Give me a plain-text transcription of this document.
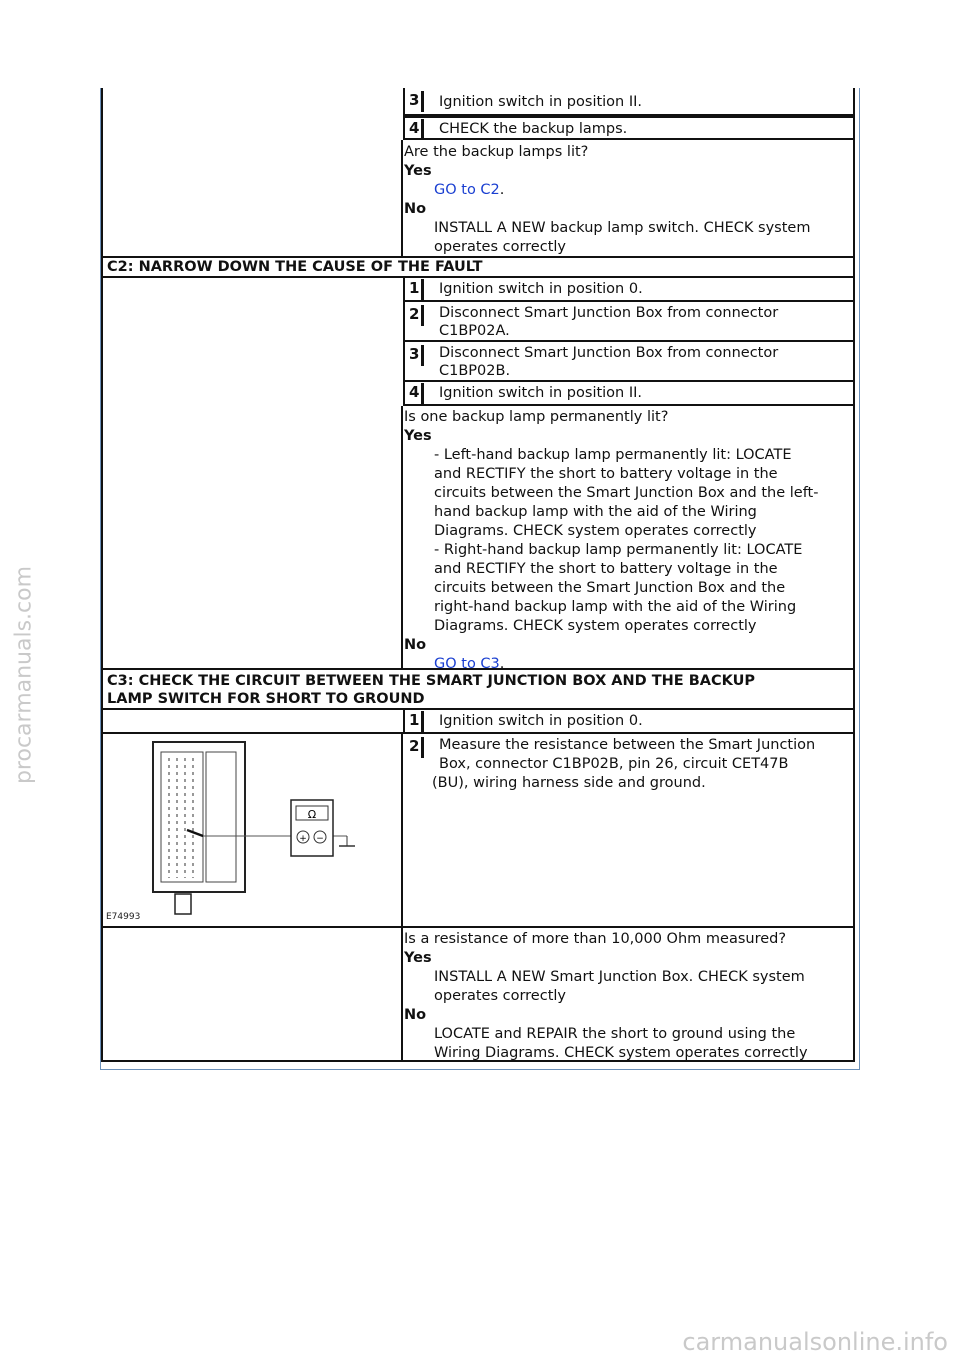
procarmanuals.com
carmanualsonline.info
3	Ignition switch in position II.
4	CHECK the backup lamps.
Are the backup lamps lit?
Yes
GO to C2.
No
INSTALL A NEW backup lamp switch. CHECK system
operates correctly
C2: NARROW DOWN THE CAUSE OF THE FAULT
1	Ignition switch in position 0.
2	Disconnect Smart Junction Box from connector
C1BP02A.
3	Disconnect Smart Junction Box from connector
C1BP02B.
4	Ignition switch in position II.
Is one backup lamp permanently lit?
Yes
- Left-hand backup lamp permanently lit: LOCATE
and RECTIFY the short to battery voltage in the
circuits between the Smart Junction Box and the left-
hand backup lamp with the aid of the Wiring
Diagrams. CHECK system operates correctly
- Right-hand backup lamp permanently lit: LOCATE
and RECTIFY the short to battery voltage in the
circuits between the Smart Junction Box and the
right-hand backup lamp with the aid of the Wiring
Diagrams. CHECK system operates correctly
No
GO to C3.
C3: CHECK THE CIRCUIT BETWEEN THE SMART JUNCTION BOX AND THE BACKUP
LAMP SWITCH FOR SHORT TO GROUND
1	Ignition switch in position 0.
Ω
+ −
E74993
2	Measure the resistance between the Smart Junction
Box, connector C1BP02B, pin 26, circuit CET47B
(BU), wiring harness side and ground.
Is a resistance of more than 10,000 Ohm measured?
Yes
INSTALL A NEW Smart Junction Box. CHECK system
operates correctly
No
LOCATE and REPAIR the short to ground using the
Wiring Diagrams. CHECK system operates correctly
